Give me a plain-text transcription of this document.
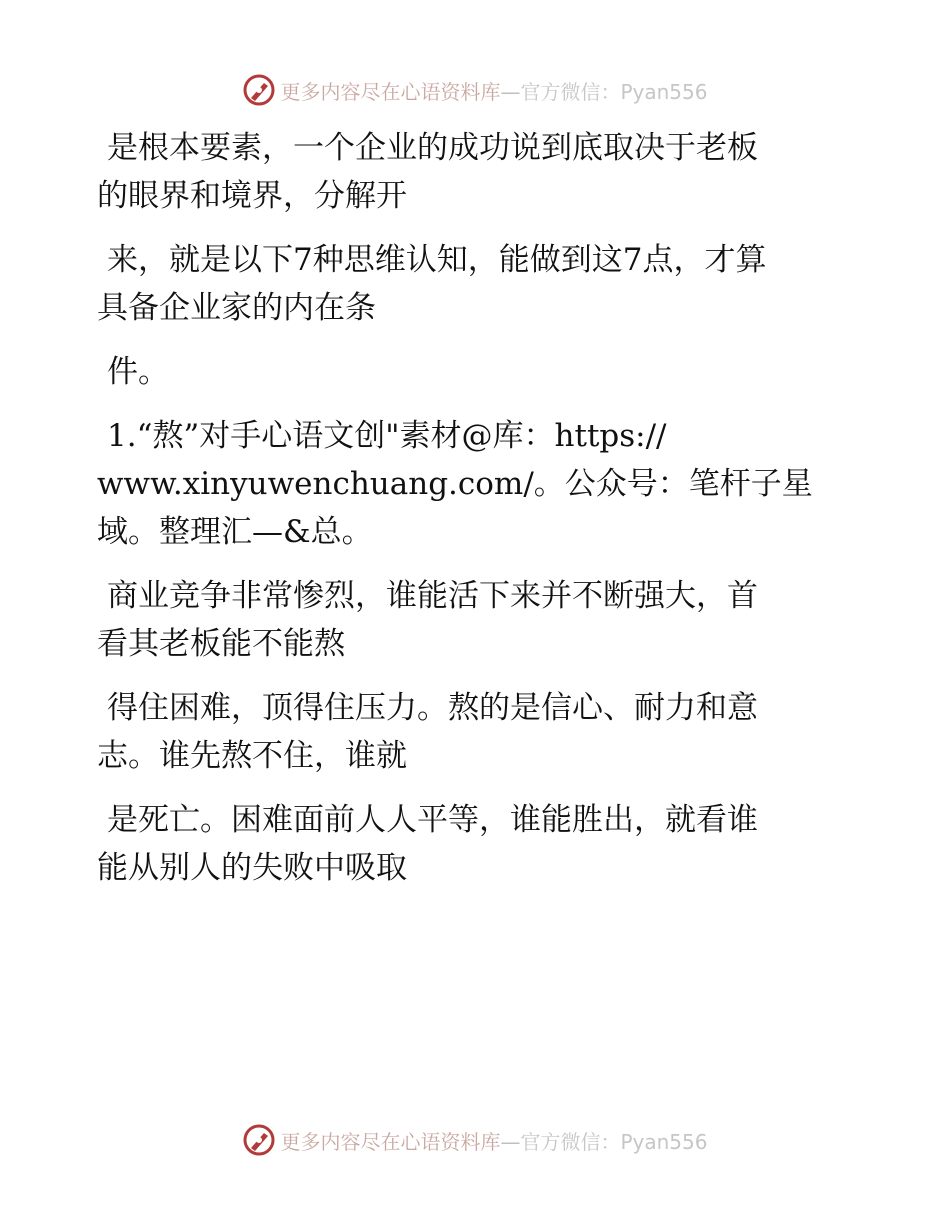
更多内容尽在心语资料库—官方微信：Pyan556

是根本要素，一个企业的成功说到底取决于老板
的眼界和境界，分解开

来，就是以下7种思维认知，能做到这7点，才算
具备企业家的内在条

件。

1.“熬”对手心语文创"素材@库：https://
www.xinyuwenchuang.com/。公众号：笔杆子星
域。整理汇—&总。

商业竞争非常惨烈，谁能活下来并不断强大，首
看其老板能不能熬

得住困难，顶得住压力。熬的是信心、耐力和意
志。谁先熬不住，谁就

是死亡。困难面前人人平等，谁能胜出，就看谁
能从别人的失败中吸取

更多内容尽在心语资料库—官方微信：Pyan556
